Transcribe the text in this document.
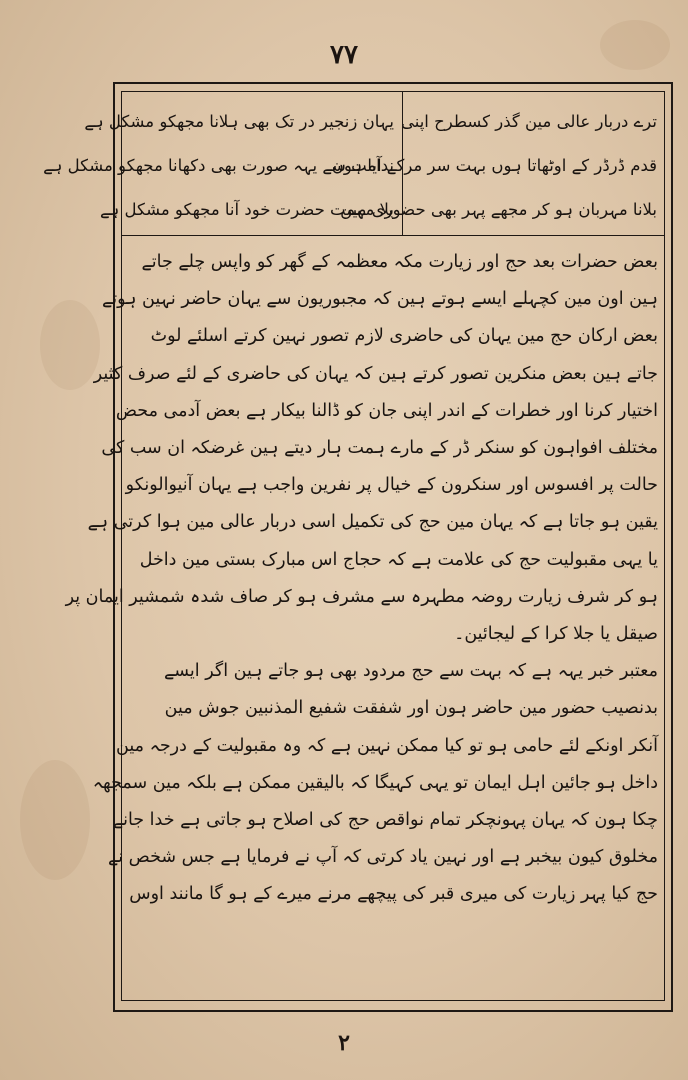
۷۷
ترے دربار عالی مین گذر کسطرح اپنی
قدم ڈرڈر کے اوٹھاتا ہوں بہت سر مرکے آیا ہون
بلانا مہربان ہو کر مجھے پہر بھی حضوری مین
یہان زنجیر در تک بھی ہلانا مجھکو مشکل ہے
ندامت سے یہہ صورت بھی دکھانا مجھکو مشکل ہے
بلا مہمت حضرت خود آنا مجھکو مشکل ہے
بعض حضرات بعد حج اور زیارت مکہ معظمہ کے گھر کو واپس چلے جاتے
ہین اون مین کچہلے ایسے ہوتے ہین کہ مجبوریون سے یہان حاضر نہین ہوتے
بعض ارکان حج مین یہان کی حاضری لازم تصور نہین کرتے اسلئے لوٹ
جاتے ہین بعض منکرین تصور کرتے ہین کہ یہان کی حاضری کے لئے صرف کثیر
اختیار کرنا اور خطرات کے اندر اپنی جان کو ڈالنا بیکار ہے بعض آدمی محض
مختلف افواہون کو سنکر ڈر کے مارے ہمت ہار دیتے ہین غرضکہ ان سب کی
حالت پر افسوس اور سنکرون کے خیال پر نفرین واجب ہے یہان آنیوالونکو
یقین ہو جاتا ہے کہ یہان مین حج کی تکمیل اسی دربار عالی مین ہوا کرتی ہے
یا یہی مقبولیت حج کی علامت ہے کہ حجاج اس مبارک بستی مین داخل
ہو کر شرف زیارت روضہ مطہرہ سے مشرف ہو کر صاف شدہ شمشیر ایمان پر
صیقل یا جلا کرا کے لیجائین۔
معتبر خبر یہہ ہے کہ بہت سے حج مردود بھی ہو جاتے ہین اگر ایسے
بدنصیب حضور مین حاضر ہون اور شفقت شفیع المذنبین جوش مین
آنکر اونکے لئے حامی ہو تو کیا ممکن نہین ہے کہ وہ مقبولیت کے درجہ مین
داخل ہو جائین اہل ایمان تو یہی کہیگا کہ بالیقین ممکن ہے بلکہ مین سمجھہ
چکا ہون کہ یہان پہونچکر تمام نواقص حج کی اصلاح ہو جاتی ہے خدا جانے
مخلوق کیون بیخبر ہے اور نہین یاد کرتی کہ آپ نے فرمایا ہے جس شخص نے
حج کیا پہر زیارت کی میری قبر کی پیچھے مرنے میرے کے ہو گا مانند اوس
۲
